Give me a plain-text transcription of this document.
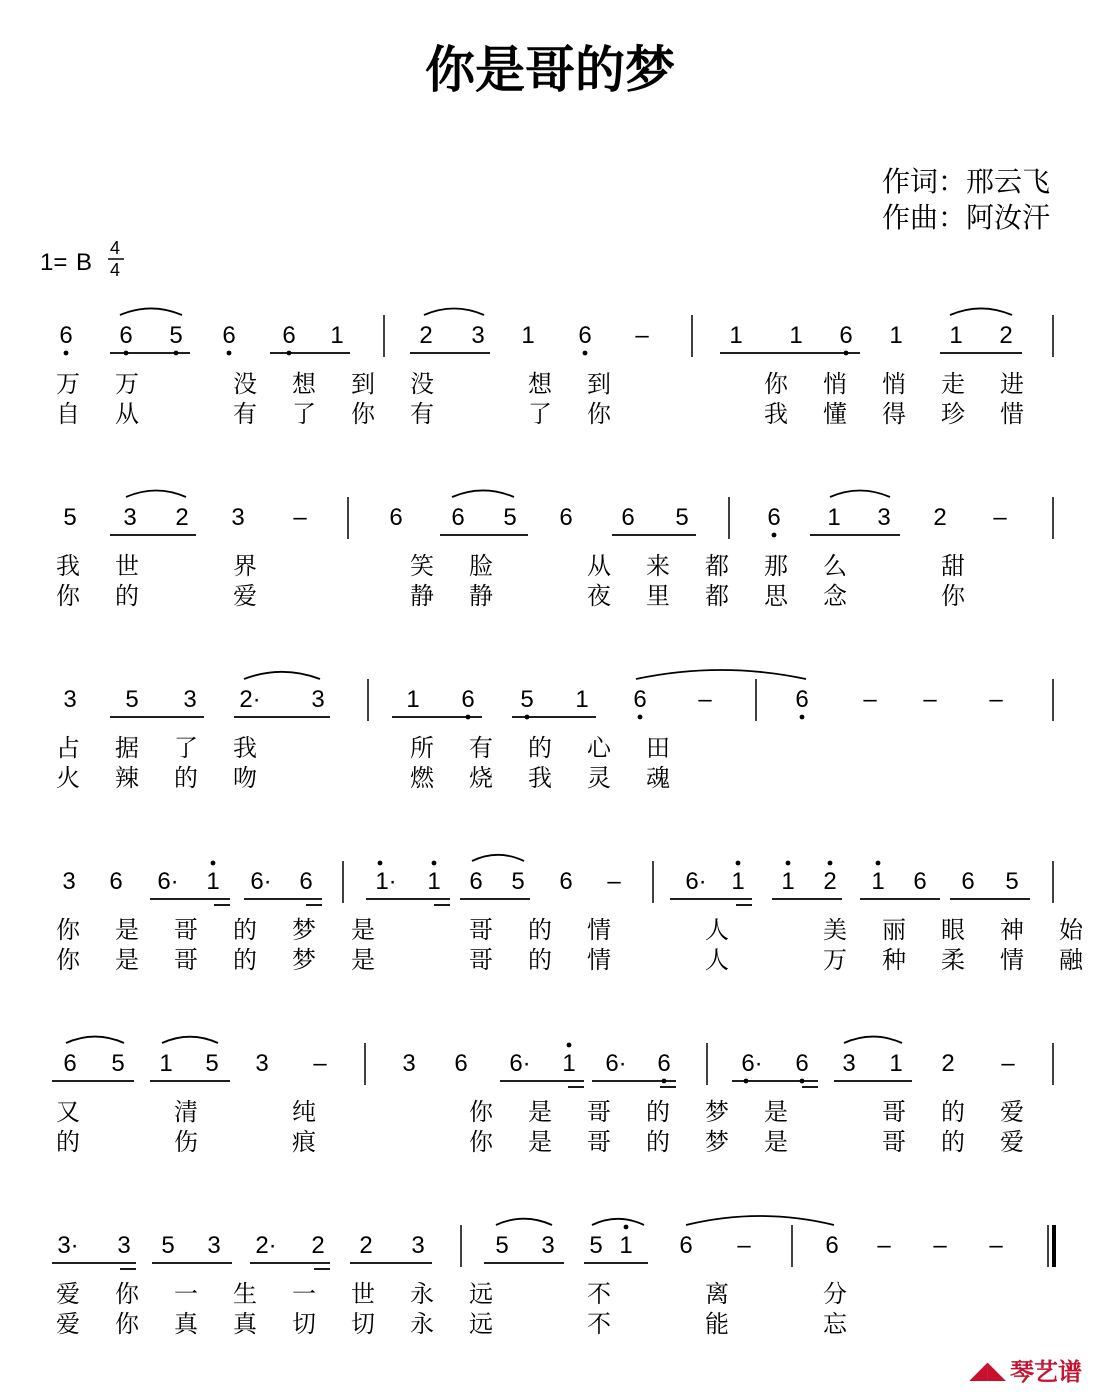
你是哥的梦
作词：邢云飞
作曲：阿汝汗
1= B
4
4
6 6 5 6 6 1	2 3 1 6 –	1 1 6 1 1 2
万 万	没 想 到 没	想 到	你 悄 悄 走 进
自 从	有 了 你 有	了 你	我 懂 得 珍 惜
5 3 2 3 –	6 6 5 6 6 5	6 1 3 2 –
我 世	界	笑 脸	从 来 都 那 么	甜
你 的	爱	静 静	夜 里 都 思 念	你
3 5 3 2· 3	1 6 5 1 6 –	6 – – –
占 据 了 我	所 有 的 心 田
火 辣 的 吻	燃 烧 我 灵 魂
3 6 6· 1 6· 6	1· 1 6 5 6 –	6· 1 1 2 1 6 6 5
你 是 哥 的 梦 是	哥 的 情	人	美 丽 眼 神 始
你 是 哥 的 梦 是	哥 的 情	人	万 种 柔 情 融
6 5 1 5 3 –	3 6 6· 1 6· 6	6· 6 3 1 2 –
又	清	纯	你 是 哥 的 梦 是	哥 的 爱
的	伤	痕	你 是 哥 的 梦 是	哥 的 爱
3· 3 5 3 2· 2 2 3	5 3 5 1 6 –	6 – – –
爱 你 一 生 一 世 永 远	不	离	分
爱 你 真 真 切 切 永 远	不	能	忘
◢◣ 琴艺谱
